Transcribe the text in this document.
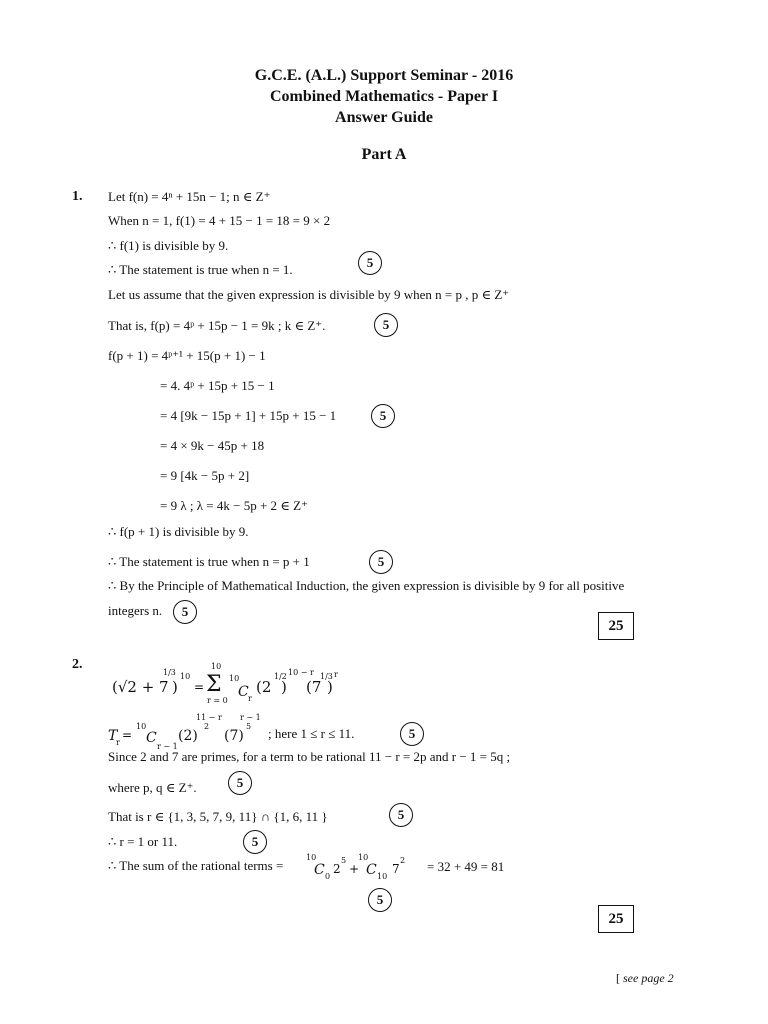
G.C.E. (A.L.) Support Seminar - 2016
Combined Mathematics - Paper I
Answer Guide
Part A
1. Let f(n) = 4ⁿ + 15n − 1; n ∈ Z⁺
When n = 1, f(1) = 4 + 15 − 1 = 18 = 9 × 2
∴ f(1) is divisible by 9.
∴ The statement is true when n = 1.	5
Let us assume that the given expression is divisible by 9 when n = p , p ∈ Z⁺
That is, f(p) = 4ᵖ + 15p − 1 = 9k ; k ∈ Z⁺.	5
f(p + 1) = 4ᵖ⁺¹ + 15(p + 1) − 1
= 4. 4ᵖ + 15p + 15 − 1
= 4 [9k − 15p + 1] + 15p + 15 − 1	5
= 4 × 9k − 45p + 18
= 9 [4k − 5p + 2]
= 9 λ ; λ = 4k − 5p + 2 ∈ Z⁺
∴ f(p + 1) is divisible by 9.
∴ The statement is true when n = p + 1	5
∴ By the Principle of Mathematical Induction, the given expression is divisible by 9 for all positive
integers n.	5
25
2.
(√2 + 7
1/3
)
10
=
10
Σ
r = 0
10
C r
(2
1/2
)
10 − r
(7
1/3
)
r
T
r
=
10
C
r − 1
(2)
11 − r
2
(7)
r − 1
5 ; here 1 ≤ r ≤ 11.	5
Since 2 and 7 are primes, for a term to be rational 11 − r = 2p and r − 1 = 5q ;
where p, q ∈ Z⁺.	5
That is r ∈ {1, 3, 5, 7, 9, 11} ∩ {1, 6, 11 }	5
∴ r = 1 or 11.	5
∴ The sum of the rational terms =
10
C 0
2
5
+
10
C 10
7
2 = 32 + 49 = 81
5
25
[ see page 2
